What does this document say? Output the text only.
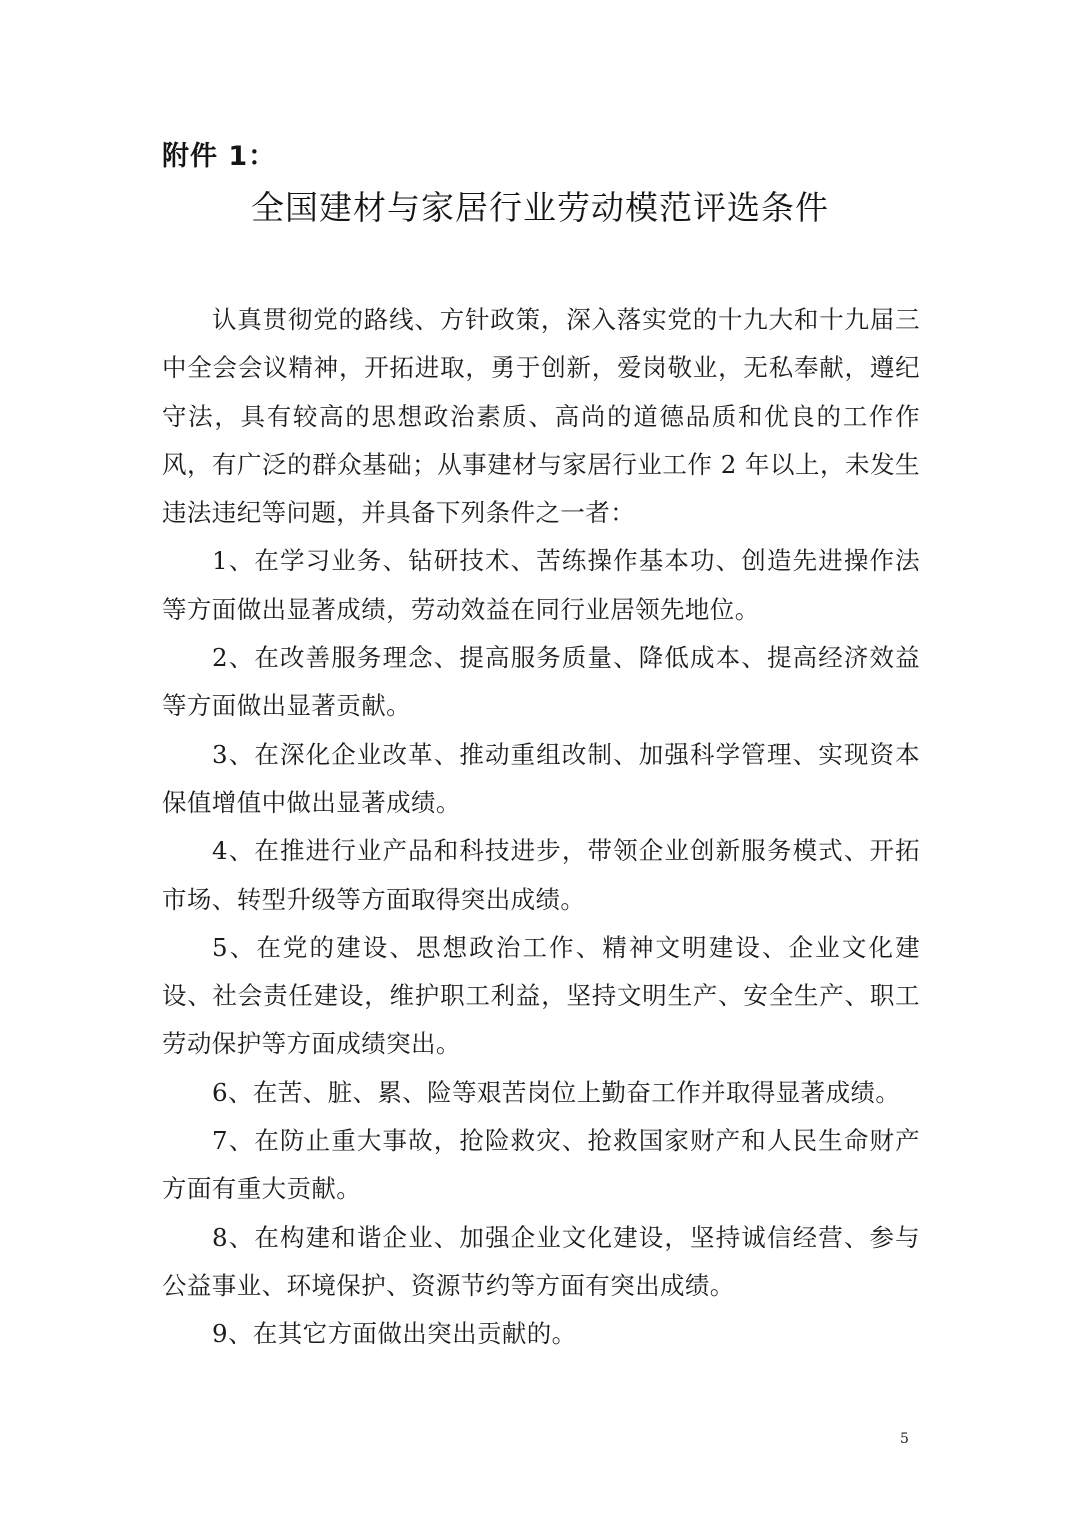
附件 1：
全国建材与家居行业劳动模范评选条件

认真贯彻党的路线、方针政策，深入落实党的十九大和十九届三中全会会议精神，开拓进取，勇于创新，爱岗敬业，无私奉献，遵纪守法，具有较高的思想政治素质、高尚的道德品质和优良的工作作风，有广泛的群众基础；从事建材与家居行业工作 2 年以上，未发生违法违纪等问题，并具备下列条件之一者：

1、在学习业务、钻研技术、苦练操作基本功、创造先进操作法等方面做出显著成绩，劳动效益在同行业居领先地位。

2、在改善服务理念、提高服务质量、降低成本、提高经济效益等方面做出显著贡献。

3、在深化企业改革、推动重组改制、加强科学管理、实现资本保值增值中做出显著成绩。

4、在推进行业产品和科技进步，带领企业创新服务模式、开拓市场、转型升级等方面取得突出成绩。

5、在党的建设、思想政治工作、精神文明建设、企业文化建设、社会责任建设，维护职工利益，坚持文明生产、安全生产、职工劳动保护等方面成绩突出。

6、在苦、脏、累、险等艰苦岗位上勤奋工作并取得显著成绩。

7、在防止重大事故，抢险救灾、抢救国家财产和人民生命财产方面有重大贡献。

8、在构建和谐企业、加强企业文化建设，坚持诚信经营、参与公益事业、环境保护、资源节约等方面有突出成绩。

9、在其它方面做出突出贡献的。

5
